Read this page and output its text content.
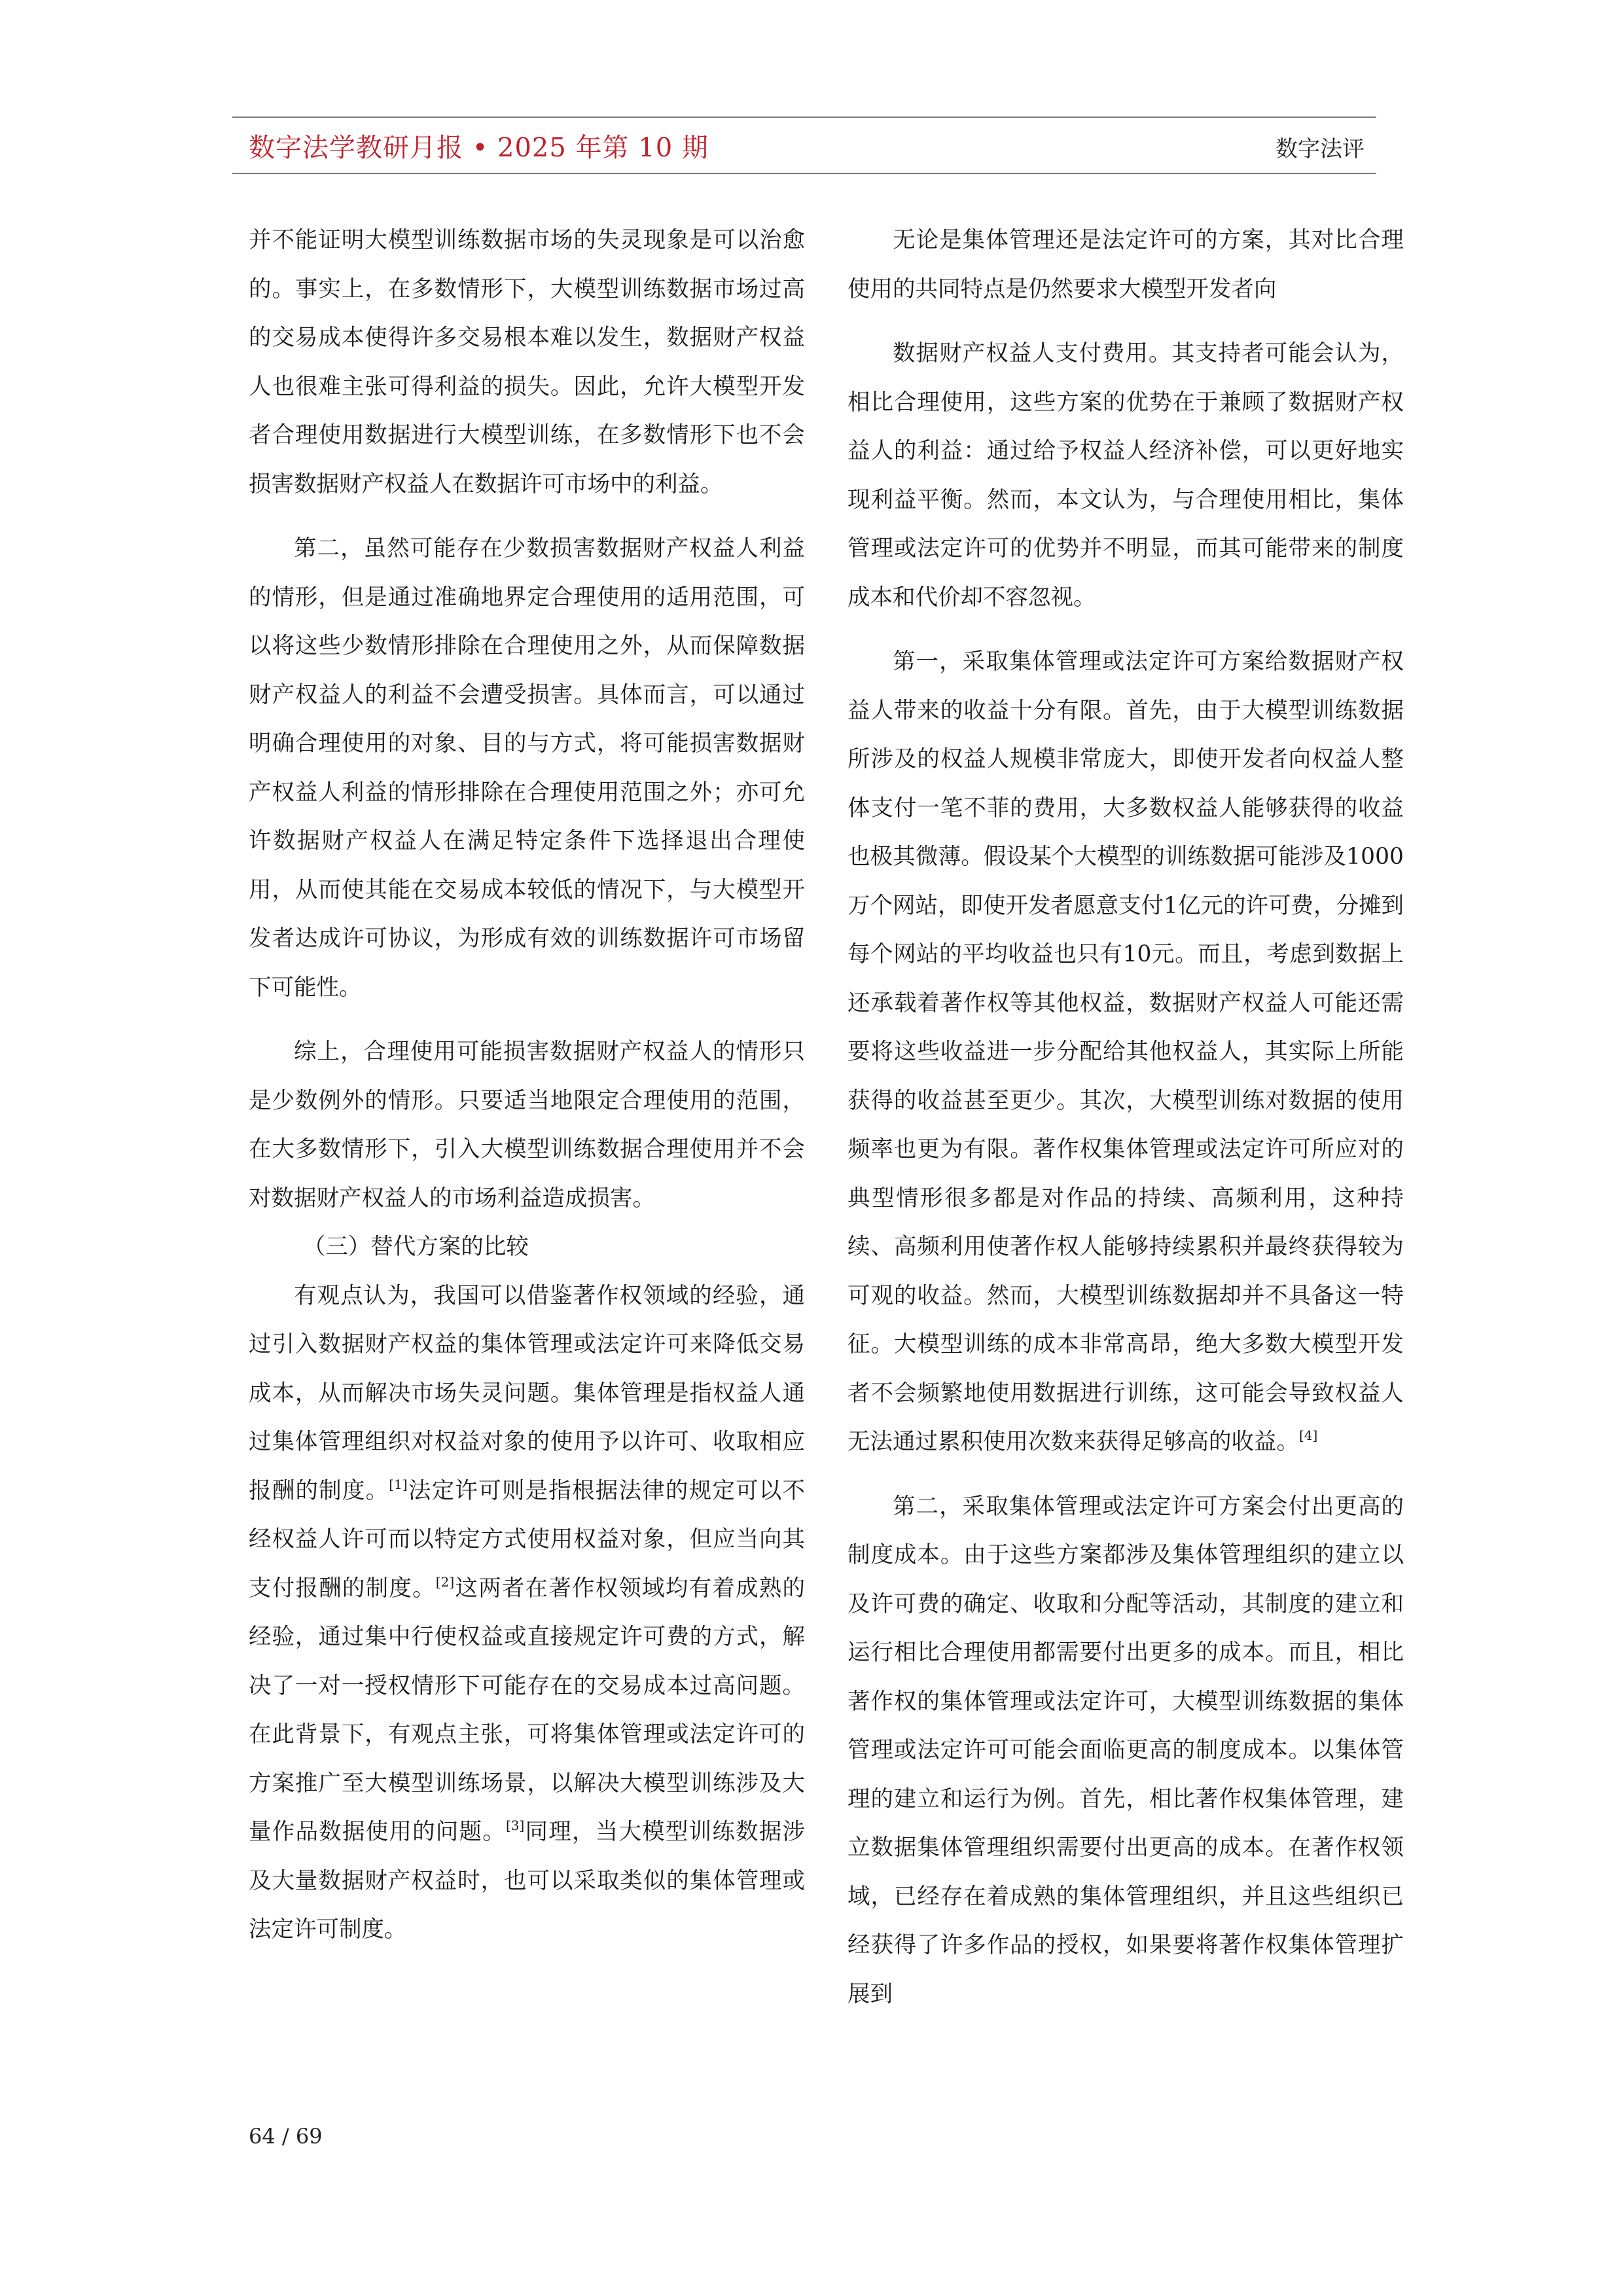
数字法学教研月报 • 2025 年第 10 期	数字法评

并不能证明大模型训练数据市场的失灵现象是可以治愈的。事实上，在多数情形下，大模型训练数据市场过高的交易成本使得许多交易根本难以发生，数据财产权益人也很难主张可得利益的损失。因此，允许大模型开发者合理使用数据进行大模型训练，在多数情形下也不会损害数据财产权益人在数据许可市场中的利益。

第二，虽然可能存在少数损害数据财产权益人利益的情形，但是通过准确地界定合理使用的适用范围，可以将这些少数情形排除在合理使用之外，从而保障数据财产权益人的利益不会遭受损害。具体而言，可以通过明确合理使用的对象、目的与方式，将可能损害数据财产权益人利益的情形排除在合理使用范围之外；亦可允许数据财产权益人在满足特定条件下选择退出合理使用，从而使其能在交易成本较低的情况下，与大模型开发者达成许可协议，为形成有效的训练数据许可市场留下可能性。

综上，合理使用可能损害数据财产权益人的情形只是少数例外的情形。只要适当地限定合理使用的范围，在大多数情形下，引入大模型训练数据合理使用并不会对数据财产权益人的市场利益造成损害。

（三）替代方案的比较

有观点认为，我国可以借鉴著作权领域的经验，通过引入数据财产权益的集体管理或法定许可来降低交易成本，从而解决市场失灵问题。集体管理是指权益人通过集体管理组织对权益对象的使用予以许可、收取相应报酬的制度。[1]法定许可则是指根据法律的规定可以不经权益人许可而以特定方式使用权益对象，但应当向其支付报酬的制度。[2]这两者在著作权领域均有着成熟的经验，通过集中行使权益或直接规定许可费的方式，解决了一对一授权情形下可能存在的交易成本过高问题。在此背景下，有观点主张，可将集体管理或法定许可的方案推广至大模型训练场景，以解决大模型训练涉及大量作品数据使用的问题。[3]同理，当大模型训练数据涉及大量数据财产权益时，也可以采取类似的集体管理或法定许可制度。

无论是集体管理还是法定许可的方案，其对比合理使用的共同特点是仍然要求大模型开发者向

数据财产权益人支付费用。其支持者可能会认为，相比合理使用，这些方案的优势在于兼顾了数据财产权益人的利益：通过给予权益人经济补偿，可以更好地实现利益平衡。然而，本文认为，与合理使用相比，集体管理或法定许可的优势并不明显，而其可能带来的制度成本和代价却不容忽视。

第一，采取集体管理或法定许可方案给数据财产权益人带来的收益十分有限。首先，由于大模型训练数据所涉及的权益人规模非常庞大，即使开发者向权益人整体支付一笔不菲的费用，大多数权益人能够获得的收益也极其微薄。假设某个大模型的训练数据可能涉及1000万个网站，即使开发者愿意支付1亿元的许可费，分摊到每个网站的平均收益也只有10元。而且，考虑到数据上还承载着著作权等其他权益，数据财产权益人可能还需要将这些收益进一步分配给其他权益人，其实际上所能获得的收益甚至更少。其次，大模型训练对数据的使用频率也更为有限。著作权集体管理或法定许可所应对的典型情形很多都是对作品的持续、高频利用，这种持续、高频利用使著作权人能够持续累积并最终获得较为可观的收益。然而，大模型训练数据却并不具备这一特征。大模型训练的成本非常高昂，绝大多数大模型开发者不会频繁地使用数据进行训练，这可能会导致权益人无法通过累积使用次数来获得足够高的收益。[4]

第二，采取集体管理或法定许可方案会付出更高的制度成本。由于这些方案都涉及集体管理组织的建立以及许可费的确定、收取和分配等活动，其制度的建立和运行相比合理使用都需要付出更多的成本。而且，相比著作权的集体管理或法定许可，大模型训练数据的集体管理或法定许可可能会面临更高的制度成本。以集体管理的建立和运行为例。首先，相比著作权集体管理，建立数据集体管理组织需要付出更高的成本。在著作权领域，已经存在着成熟的集体管理组织，并且这些组织已经获得了许多作品的授权，如果要将著作权集体管理扩展到

64 / 69
